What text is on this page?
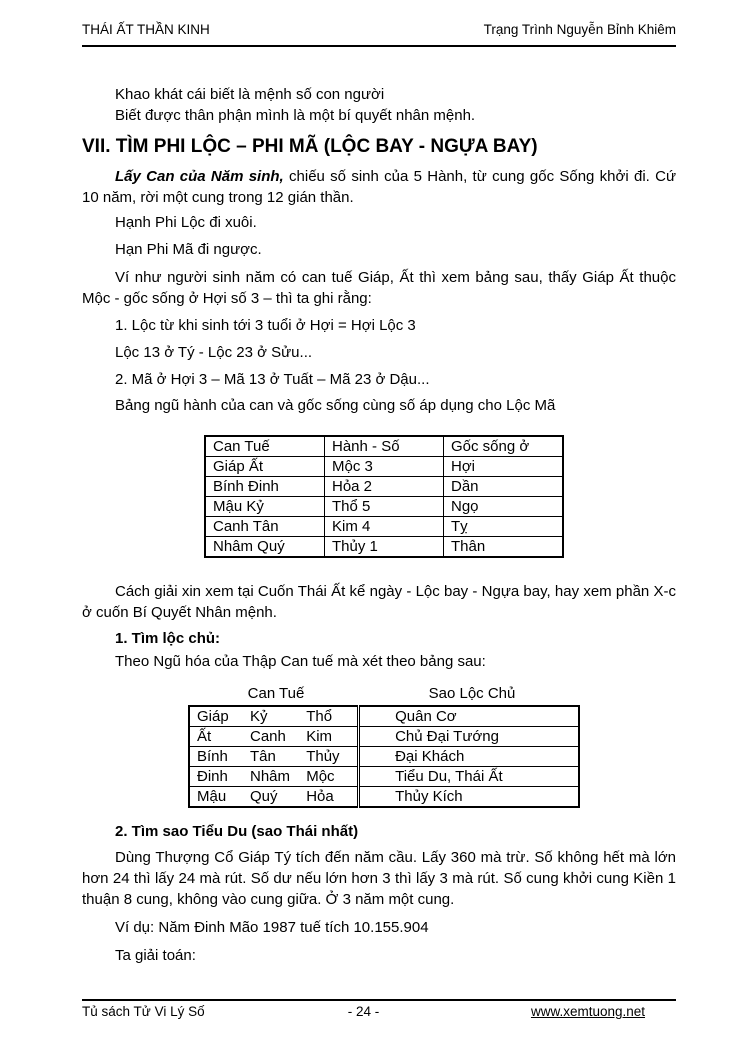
THÁI ẤT THẦN KINH	Trạng Trình Nguyễn Bỉnh Khiêm

Khao khát cái biết là mệnh số con người

Biết được thân phận mình là một bí quyết nhân mệnh.

VII. TÌM PHI LỘC – PHI MÃ (LỘC BAY - NGỰA BAY)

Lấy Can của Năm sinh, chiếu số sinh của 5 Hành, từ cung gốc Sống khởi đi. Cứ 10 năm, rời một cung trong 12 gián thần.

Hạnh Phi Lộc đi xuôi.

Hạn Phi Mã đi ngược.

Ví như người sinh năm có can tuế Giáp, Ất thì xem bảng sau, thấy Giáp Ất thuộc Mộc - gốc sống ở Hợi số 3 – thì ta ghi rằng:

1. Lộc từ khi sinh tới 3 tuổi ở Hợi = Hợi Lộc 3

Lộc 13 ở Tý - Lộc 23 ở Sửu...

2. Mã ở Hợi 3 – Mã 13 ở Tuất – Mã 23 ở Dậu...

Bảng ngũ hành của can và gốc sống cùng số áp dụng cho Lộc Mã

Can Tuế	Hành - Số	Gốc sống ở
Giáp Ất	Mộc 3	Hợi
Bính Đinh	Hỏa 2	Dần
Mậu Kỷ	Thổ 5	Ngọ
Canh Tân	Kim 4	Tỵ
Nhâm Quý	Thủy 1	Thân

Cách giải xin xem tại Cuốn Thái Ất kể ngày - Lộc bay - Ngựa bay, hay xem phần X-c ở cuốn Bí Quyết Nhân mệnh.

1. Tìm lộc chủ:

Theo Ngũ hóa của Thập Can tuế mà xét theo bảng sau:

Can Tuế	Sao Lộc Chủ
Giáp	Kỷ	Thổ	Quân Cơ
Ất	Canh	Kim	Chủ Đại Tướng
Bính	Tân	Thủy	Đại Khách
Đinh	Nhâm	Mộc	Tiểu Du, Thái Ất
Mậu	Quý	Hỏa	Thủy Kích

2. Tìm sao Tiểu Du (sao Thái nhất)

Dùng Thượng Cổ Giáp Tý tích đến năm cầu. Lấy 360 mà trừ. Số không hết mà lớn hơn 24 thì lấy 24 mà rút. Số dư nếu lớn hơn 3 thì lấy 3 mà rút. Số cung khởi cung Kiền 1 thuận 8 cung, không vào cung giữa. Ở 3 năm một cung.

Ví dụ: Năm Đinh Mão 1987 tuế tích 10.155.904

Ta giải toán:

Tủ sách Tử Vi Lý Số	- 24 -	www.xemtuong.net
